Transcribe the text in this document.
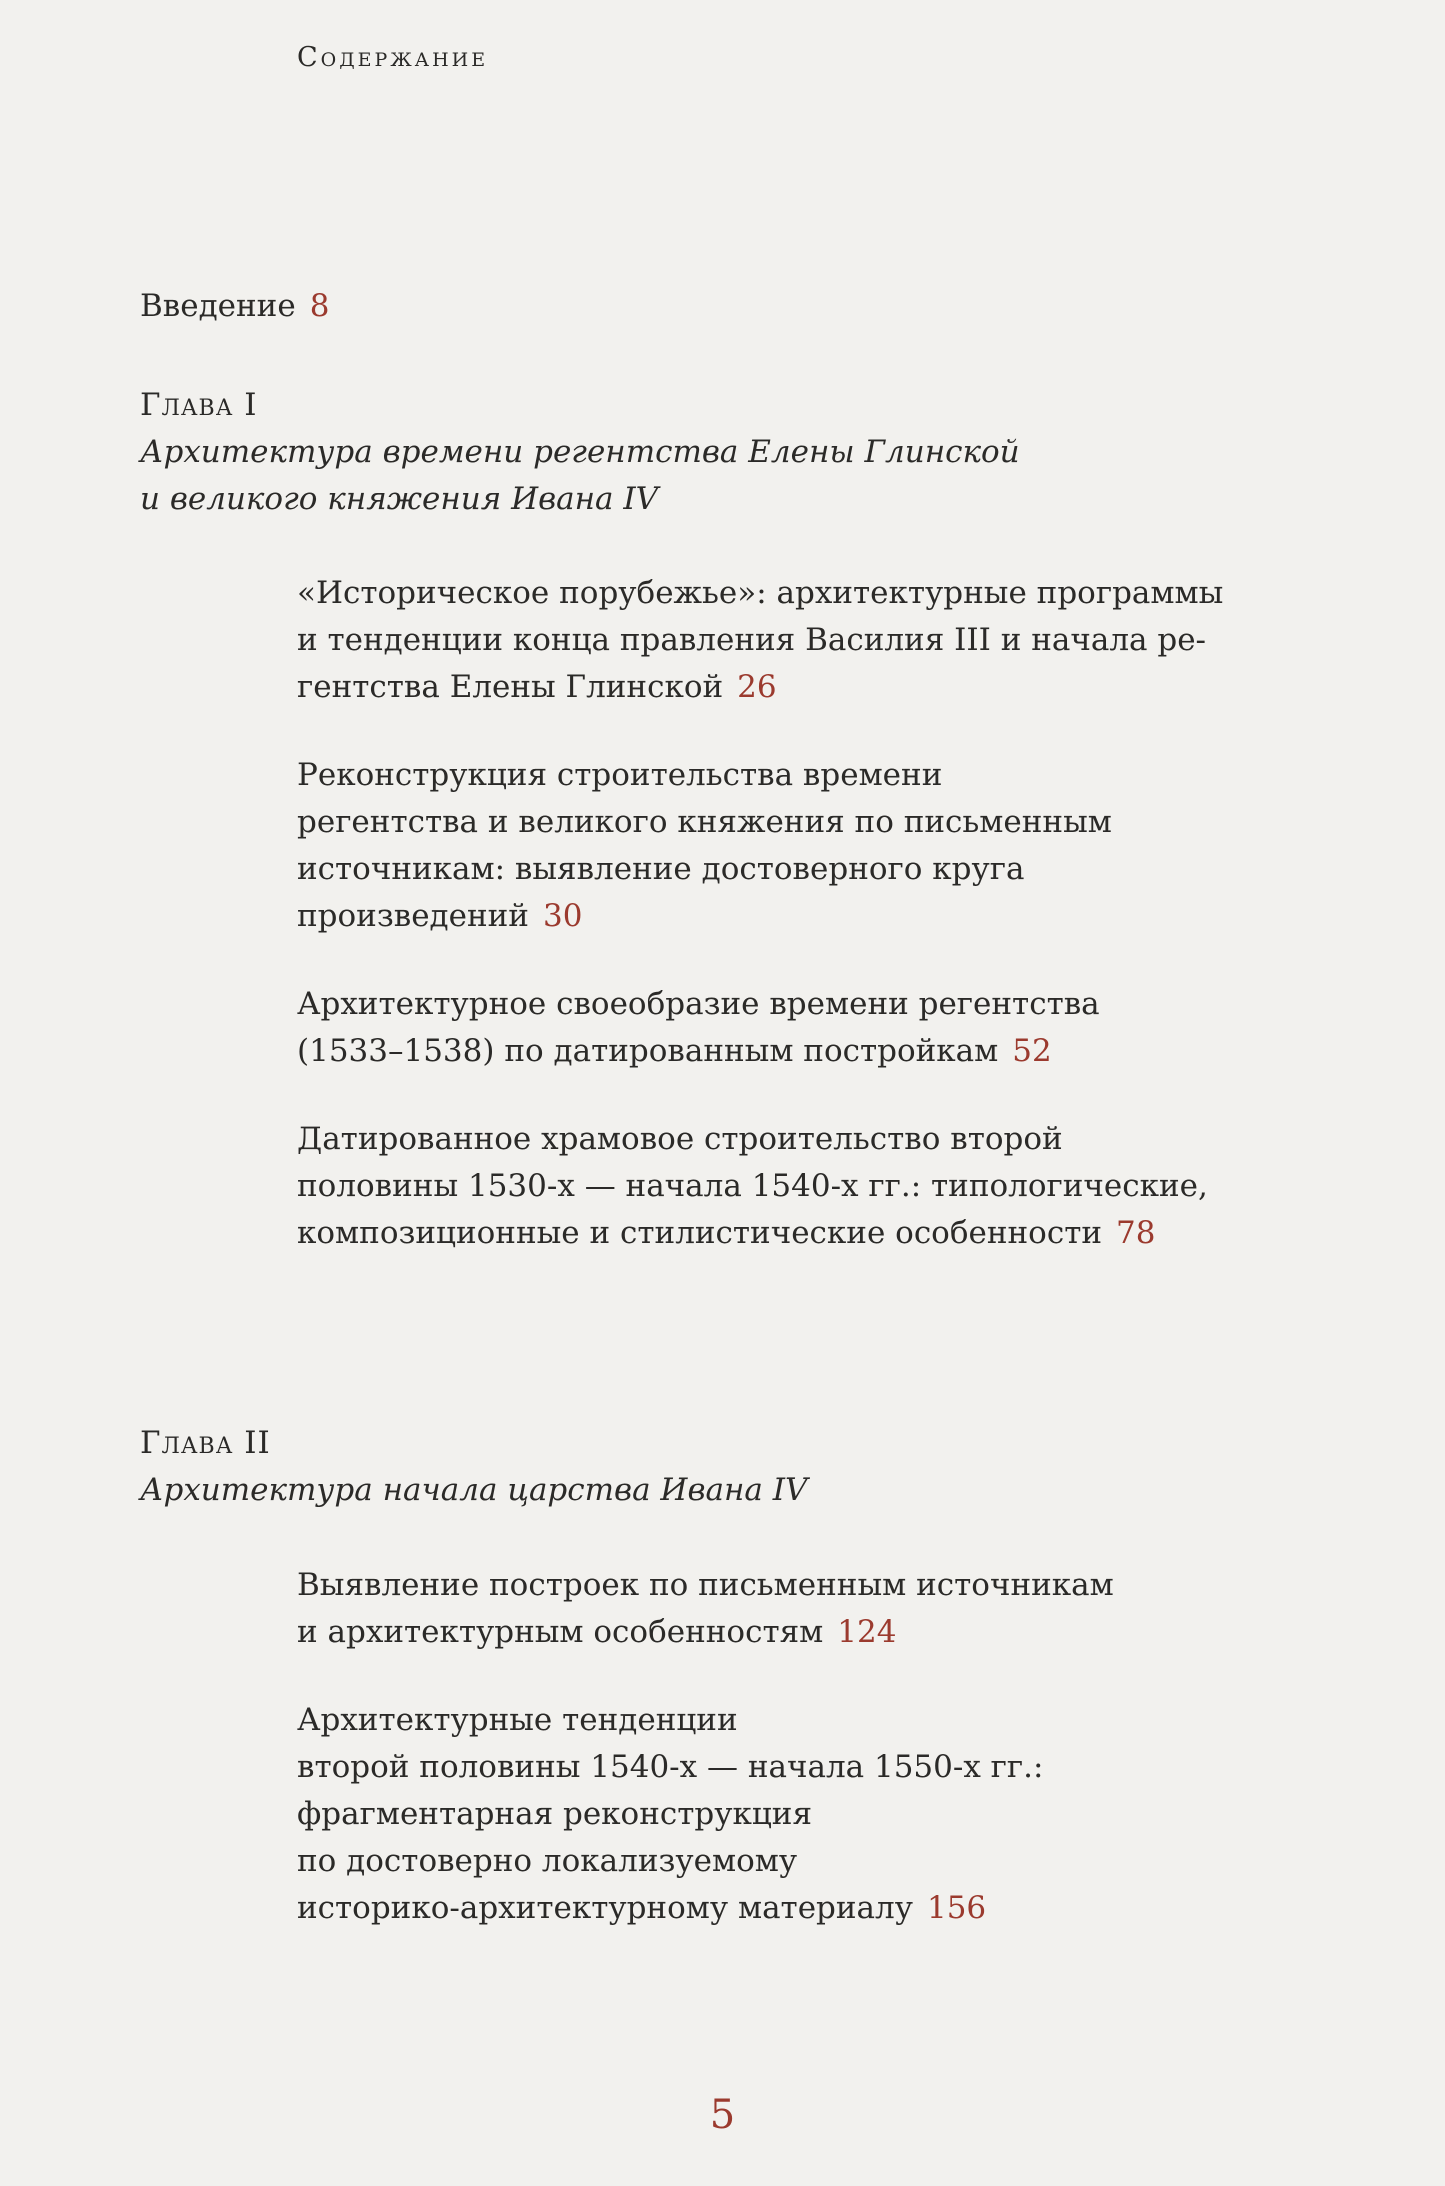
Содержание
Введение 8
Глава I
Архитектура времени регентства Елены Глинской
и великого княжения Ивана IV
«Историческое порубежье»: архитектурные программы
и тенденции конца правления Василия III и начала ре-
гентства Елены Глинской 26
Реконструкция строительства времени
регентства и великого княжения по письменным
источникам: выявление достоверного круга
произведений 30
Архитектурное своеобразие времени регентства
(1533–1538) по датированным постройкам 52
Датированное храмовое строительство второй
половины 1530-х — начала 1540-х гг.: типологические,
композиционные и стилистические особенности 78
Глава II
Архитектура начала царства Ивана IV
Выявление построек по письменным источникам
и архитектурным особенностям 124
Архитектурные тенденции
второй половины 1540-х — начала 1550-х гг.:
фрагментарная реконструкция
по достоверно локализуемому
историко-архитектурному материалу 156
5
